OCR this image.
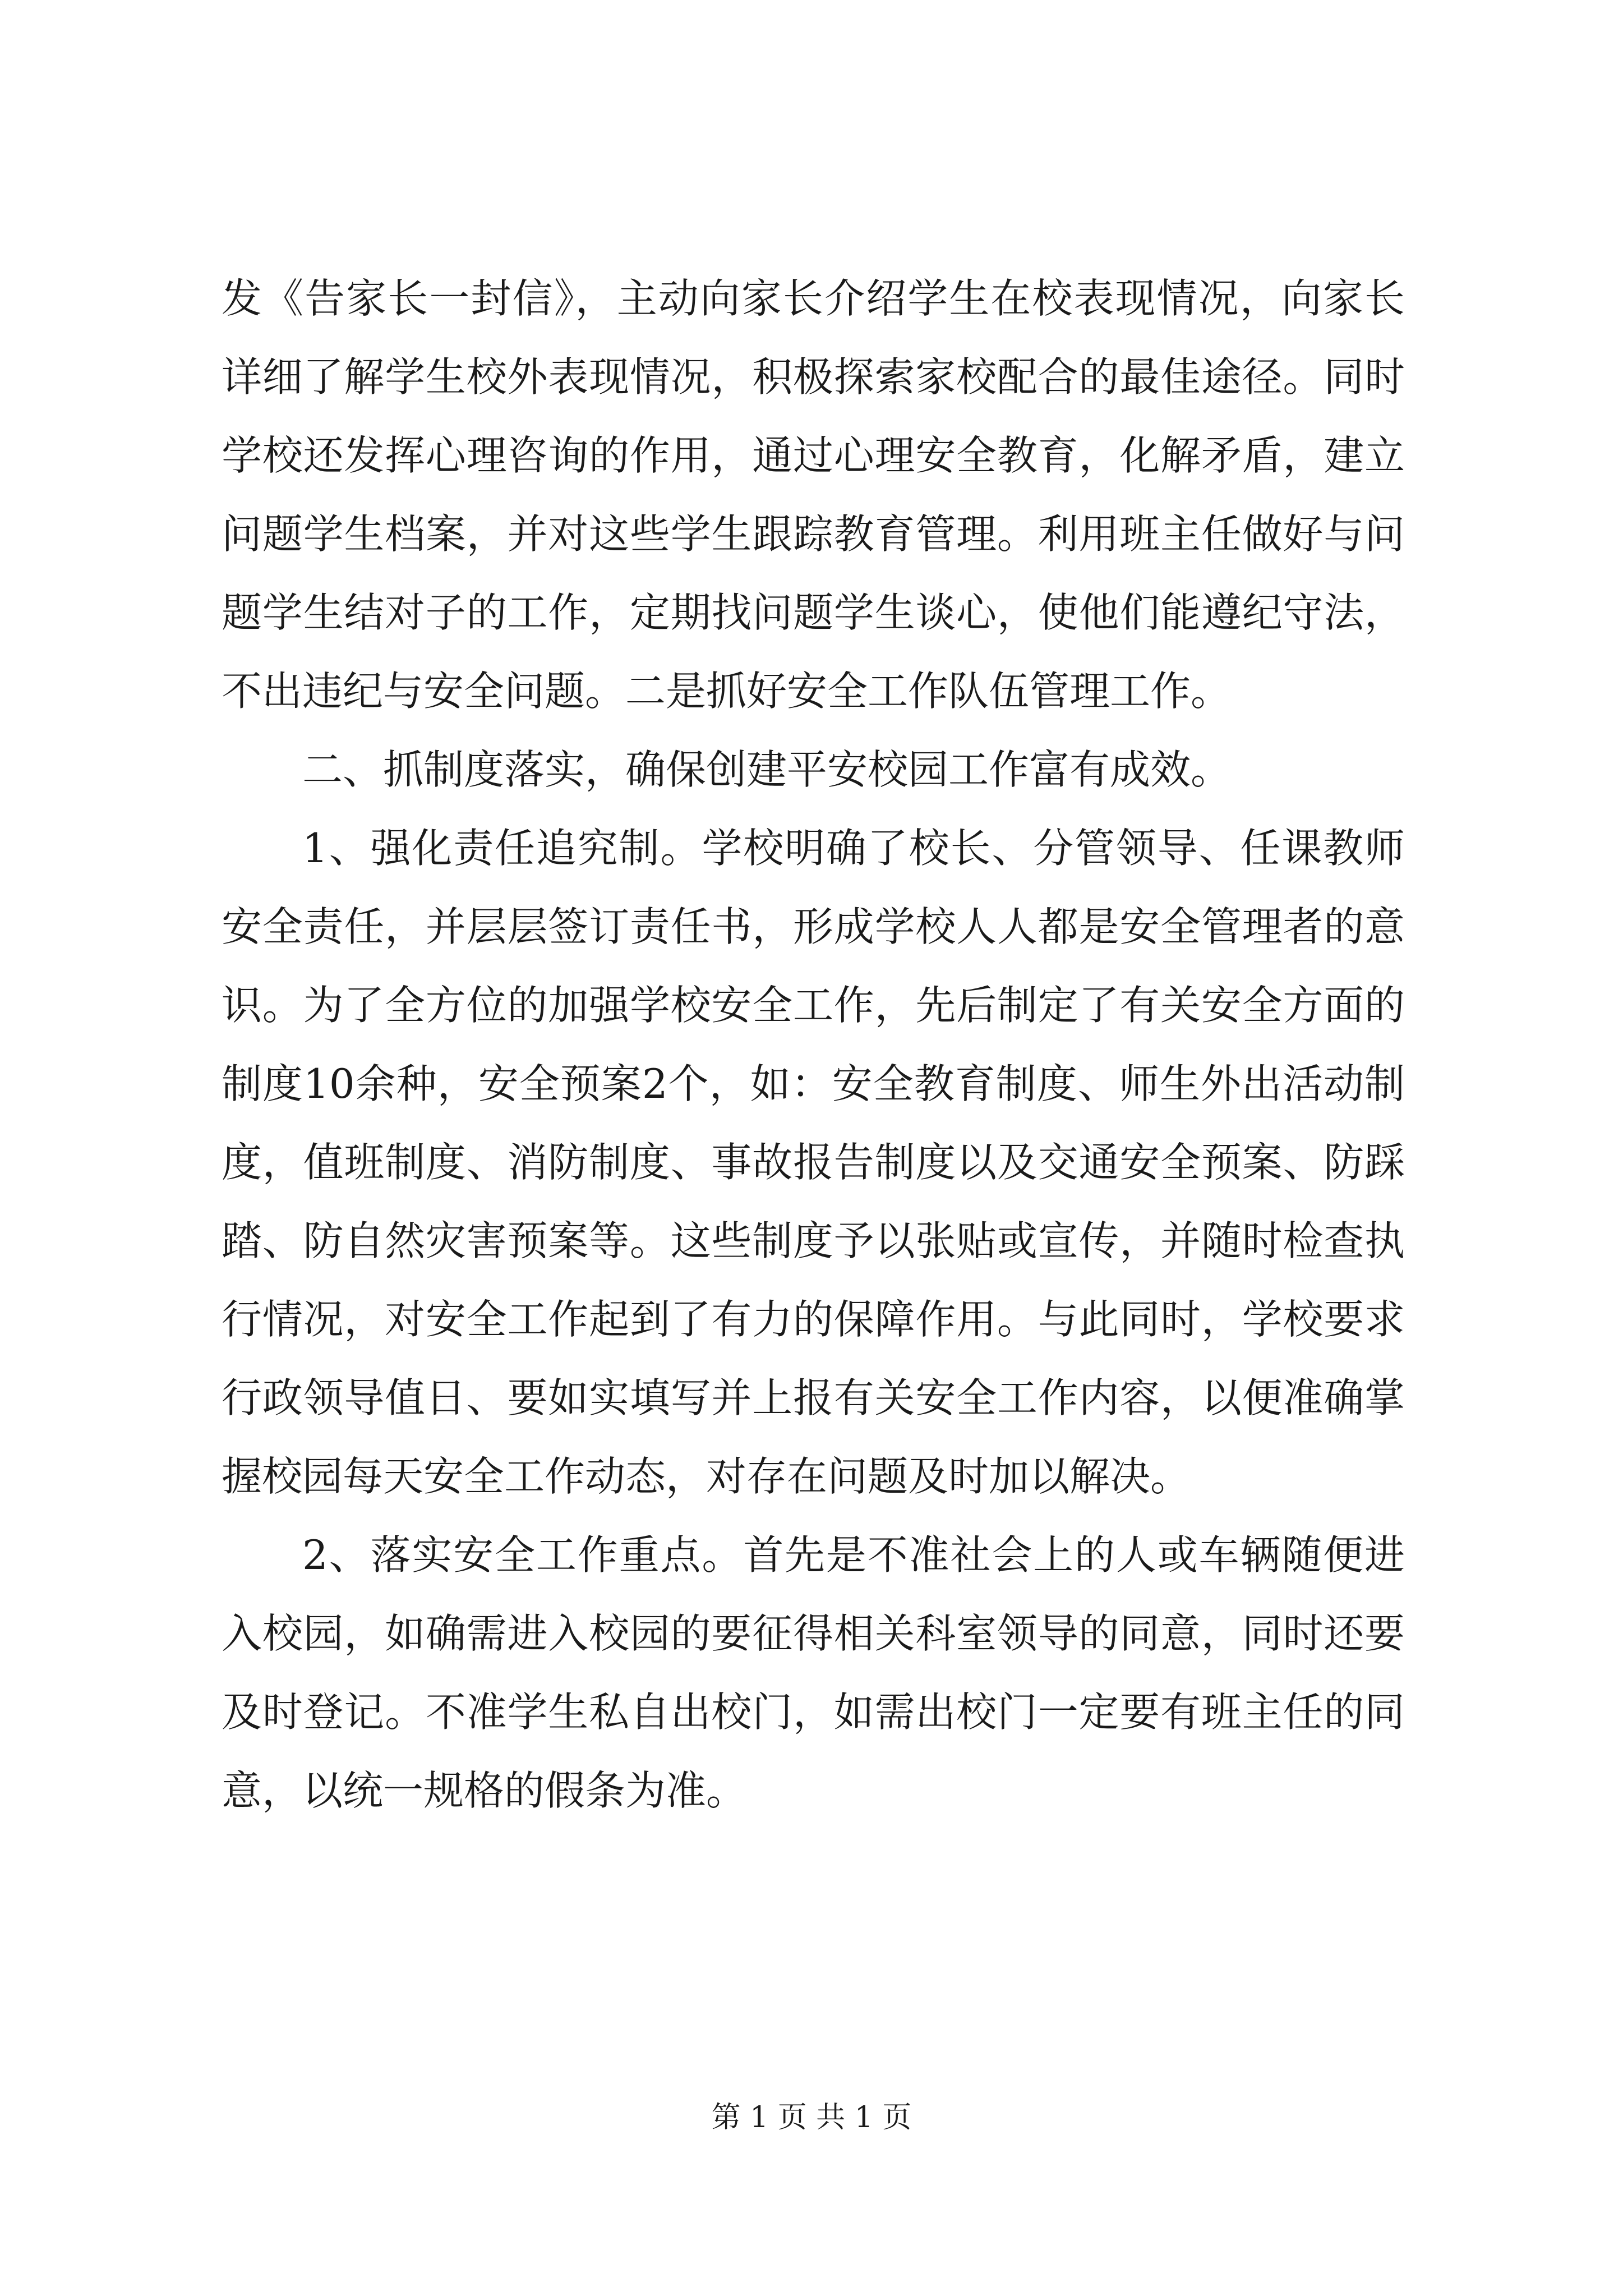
发《告家长一封信》，主动向家长介绍学生在校表现情况，向家长详细了解学生校外表现情况，积极探索家校配合的最佳途径。同时学校还发挥心理咨询的作用，通过心理安全教育，化解矛盾，建立问题学生档案，并对这些学生跟踪教育管理。利用班主任做好与问题学生结对子的工作，定期找问题学生谈心，使他们能遵纪守法，不出违纪与安全问题。二是抓好安全工作队伍管理工作。

二、抓制度落实，确保创建平安校园工作富有成效。

1、强化责任追究制。学校明确了校长、分管领导、任课教师安全责任，并层层签订责任书，形成学校人人都是安全管理者的意识。为了全方位的加强学校安全工作，先后制定了有关安全方面的制度10余种，安全预案2个，如：安全教育制度、师生外出活动制度，值班制度、消防制度、事故报告制度以及交通安全预案、防踩踏、防自然灾害预案等。这些制度予以张贴或宣传，并随时检查执行情况，对安全工作起到了有力的保障作用。与此同时，学校要求行政领导值日、要如实填写并上报有关安全工作内容，以便准确掌握校园每天安全工作动态，对存在问题及时加以解决。

2、落实安全工作重点。首先是不准社会上的人或车辆随便进入校园，如确需进入校园的要征得相关科室领导的同意，同时还要及时登记。不准学生私自出校门，如需出校门一定要有班主任的同意，以统一规格的假条为准。

第 1 页 共 1 页
